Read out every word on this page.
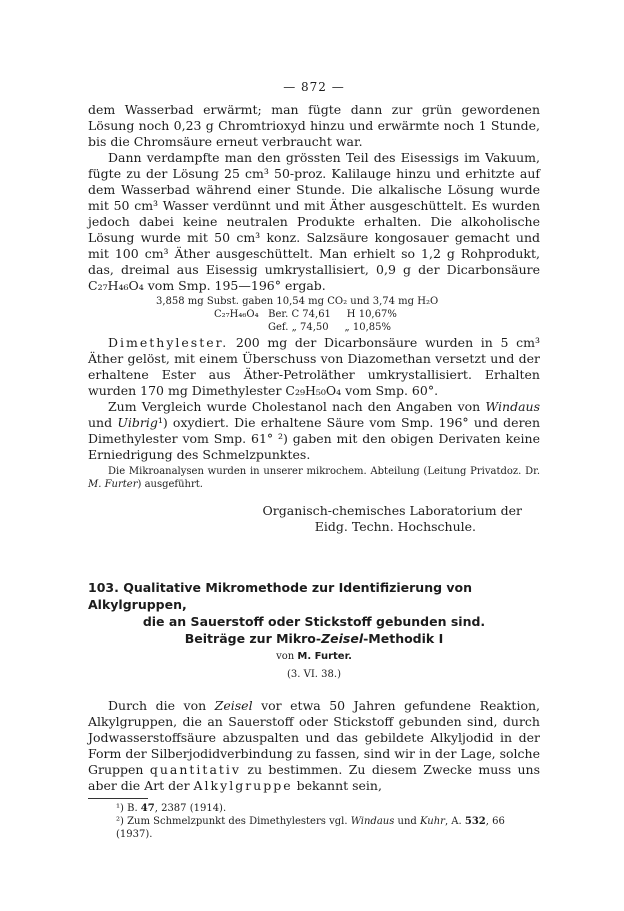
— 872 —

dem Wasserbad erwärmt; man fügte dann zur grün gewordenen Lösung noch 0,23 g Chromtrioxyd hinzu und erwärmte noch 1 Stunde, bis die Chromsäure erneut verbraucht war.

Dann verdampfte man den grössten Teil des Eisessigs im Vakuum, fügte zu der Lösung 25 cm³ 50-proz. Kalilauge hinzu und erhitzte auf dem Wasserbad während einer Stunde. Die alkalische Lösung wurde mit 50 cm³ Wasser verdünnt und mit Äther ausgeschüttelt. Es wurden jedoch dabei keine neutralen Produkte erhalten. Die alkoholische Lösung wurde mit 50 cm³ konz. Salzsäure kongosauer gemacht und mit 100 cm³ Äther ausgeschüttelt. Man erhielt so 1,2 g Rohprodukt, das, dreimal aus Eisessig umkrystallisiert, 0,9 g der Dicarbonsäure C₂₇H₄₆O₄ vom Smp. 195—196° ergab.

3,858 mg Subst. gaben 10,54 mg CO₂ und 3,74 mg H₂O
C₂₇H₄₆O₄   Ber. C 74,61     H 10,67%
Gef. „ 74,50     „ 10,85%

Dimethylester. 200 mg der Dicarbonsäure wurden in 5 cm³ Äther gelöst, mit einem Überschuss von Diazomethan versetzt und der erhaltene Ester aus Äther-Petroläther umkrystallisiert. Erhalten wurden 170 mg Dimethylester C₂₉H₅₀O₄ vom Smp. 60°.

Zum Vergleich wurde Cholestanol nach den Angaben von Windaus und Uibrig¹) oxydiert. Die erhaltene Säure vom Smp. 196° und deren Dimethylester vom Smp. 61° ²) gaben mit den obigen Derivaten keine Erniedrigung des Schmelzpunktes.

Die Mikroanalysen wurden in unserer mikrochem. Abteilung (Leitung Privatdoz. Dr. M. Furter) ausgeführt.

Organisch-chemisches Laboratorium der
Eidg. Techn. Hochschule.
103. Qualitative Mikromethode zur Identifizierung von Alkylgruppen,
die an Sauerstoff oder Stickstoff gebunden sind.
Beiträge zur Mikro-Zeisel-Methodik I
von M. Furter.
(3. VI. 38.)

Durch die von Zeisel vor etwa 50 Jahren gefundene Reaktion, Alkylgruppen, die an Sauerstoff oder Stickstoff gebunden sind, durch Jodwasserstoffsäure abzuspalten und das gebildete Alkyljodid in der Form der Silberjodidverbindung zu fassen, sind wir in der Lage, solche Gruppen quantitativ zu bestimmen. Zu diesem Zwecke muss uns aber die Art der Alkylgruppe bekannt sein,

¹) B. 47, 2387 (1914).
²) Zum Schmelzpunkt des Dimethylesters vgl. Windaus und Kuhr, A. 532, 66 (1937).
